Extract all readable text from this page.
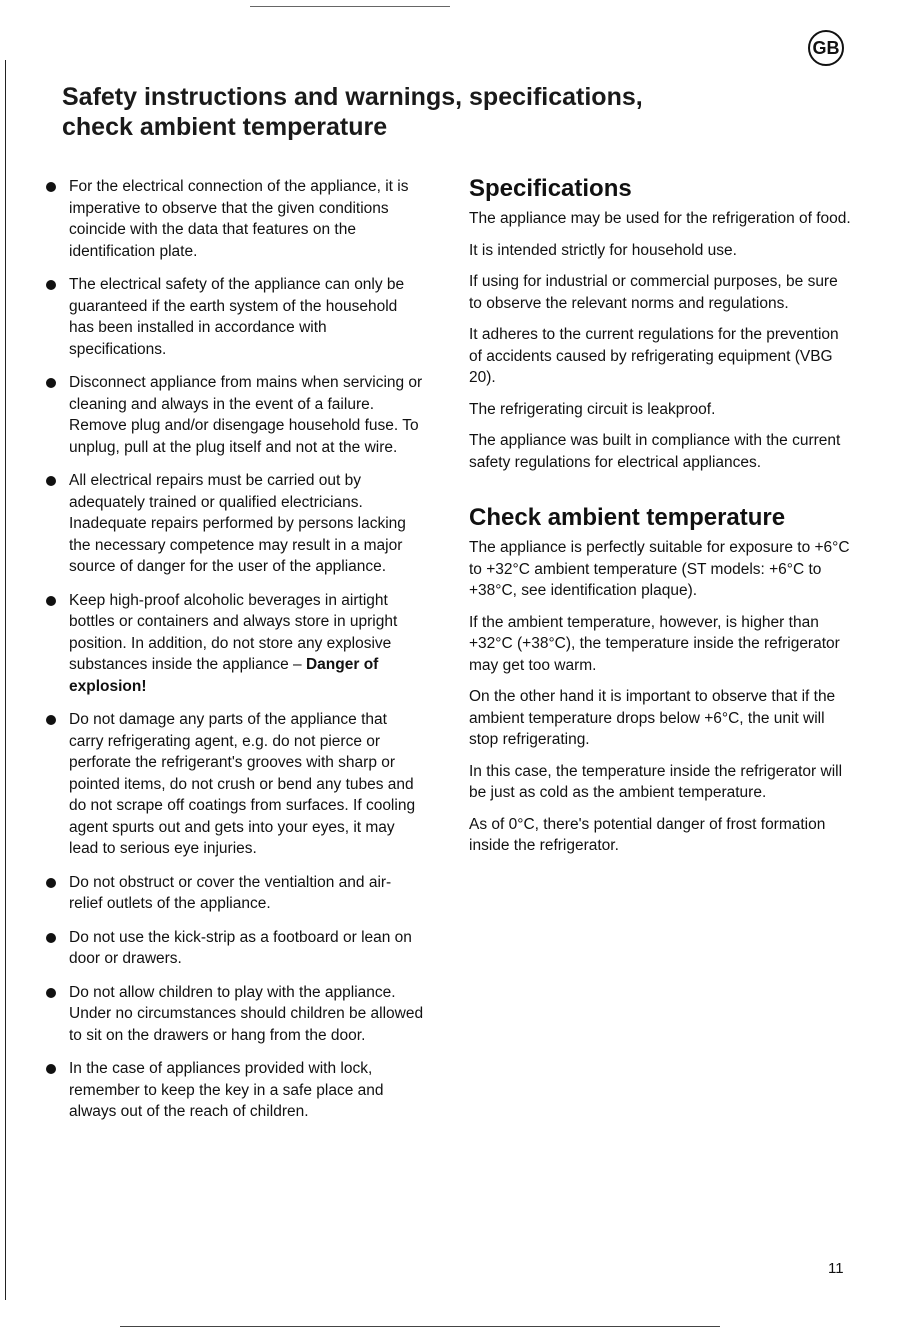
GB
Safety instructions and warnings, specifications,
check ambient temperature
For the electrical connection of the appliance, it is imperative to observe that the given conditions coincide with the data that features on the identification plate.
The electrical safety of the appliance can only be guaranteed if the earth system of the household has been installed in accordance with specifications.
Disconnect appliance from mains when servicing or cleaning and always in the event of a failure. Remove plug and/or disengage household fuse. To unplug, pull at the plug itself and not at the wire.
All electrical repairs must be carried out by adequately trained or qualified electricians. Inadequate repairs performed by persons lacking the necessary competence may result in a major source of danger for the user of the appliance.
Keep high-proof alcoholic beverages in airtight bottles or containers and always store in upright position. In addition, do not store any explosive substances inside the appliance – Danger of explosion!
Do not damage any parts of the appliance that carry refrigerating agent, e.g. do not pierce or perforate the refrigerant's grooves with sharp or pointed items, do not crush or bend any tubes and do not scrape off coatings from surfaces. If cooling agent spurts out and gets into your eyes, it may lead to serious eye injuries.
Do not obstruct or cover the ventialtion and air-relief outlets of the appliance.
Do not use the kick-strip as a footboard or lean on door or drawers.
Do not allow children to play with the appliance. Under no circumstances should children be allowed to sit on the drawers or hang from the door.
In the case of appliances provided with lock, remember to keep the key in a safe place and always out of the reach of children.
Specifications

The appliance may be used for the refrigeration of food.

It is intended strictly for household use.

If using for industrial or commercial purposes, be sure to observe the relevant norms and regulations.

It adheres to the current regulations for the prevention of accidents caused by refrigerating equipment (VBG 20).

The refrigerating circuit is leakproof.

The appliance was built in compliance with the current safety regulations for electrical appliances.

Check ambient temperature

The appliance is perfectly suitable for exposure to +6°C to +32°C ambient temperature (ST models: +6°C to +38°C, see identification plaque).

If the ambient temperature, however, is higher than +32°C (+38°C), the temperature inside the refrigerator may get too warm.

On the other hand it is important to observe that if the ambient temperature drops below +6°C, the unit will stop refrigerating.

In this case, the temperature inside the refrigerator will be just as cold as the ambient temperature.

As of 0°C, there's potential danger of frost formation inside the refrigerator.

11
